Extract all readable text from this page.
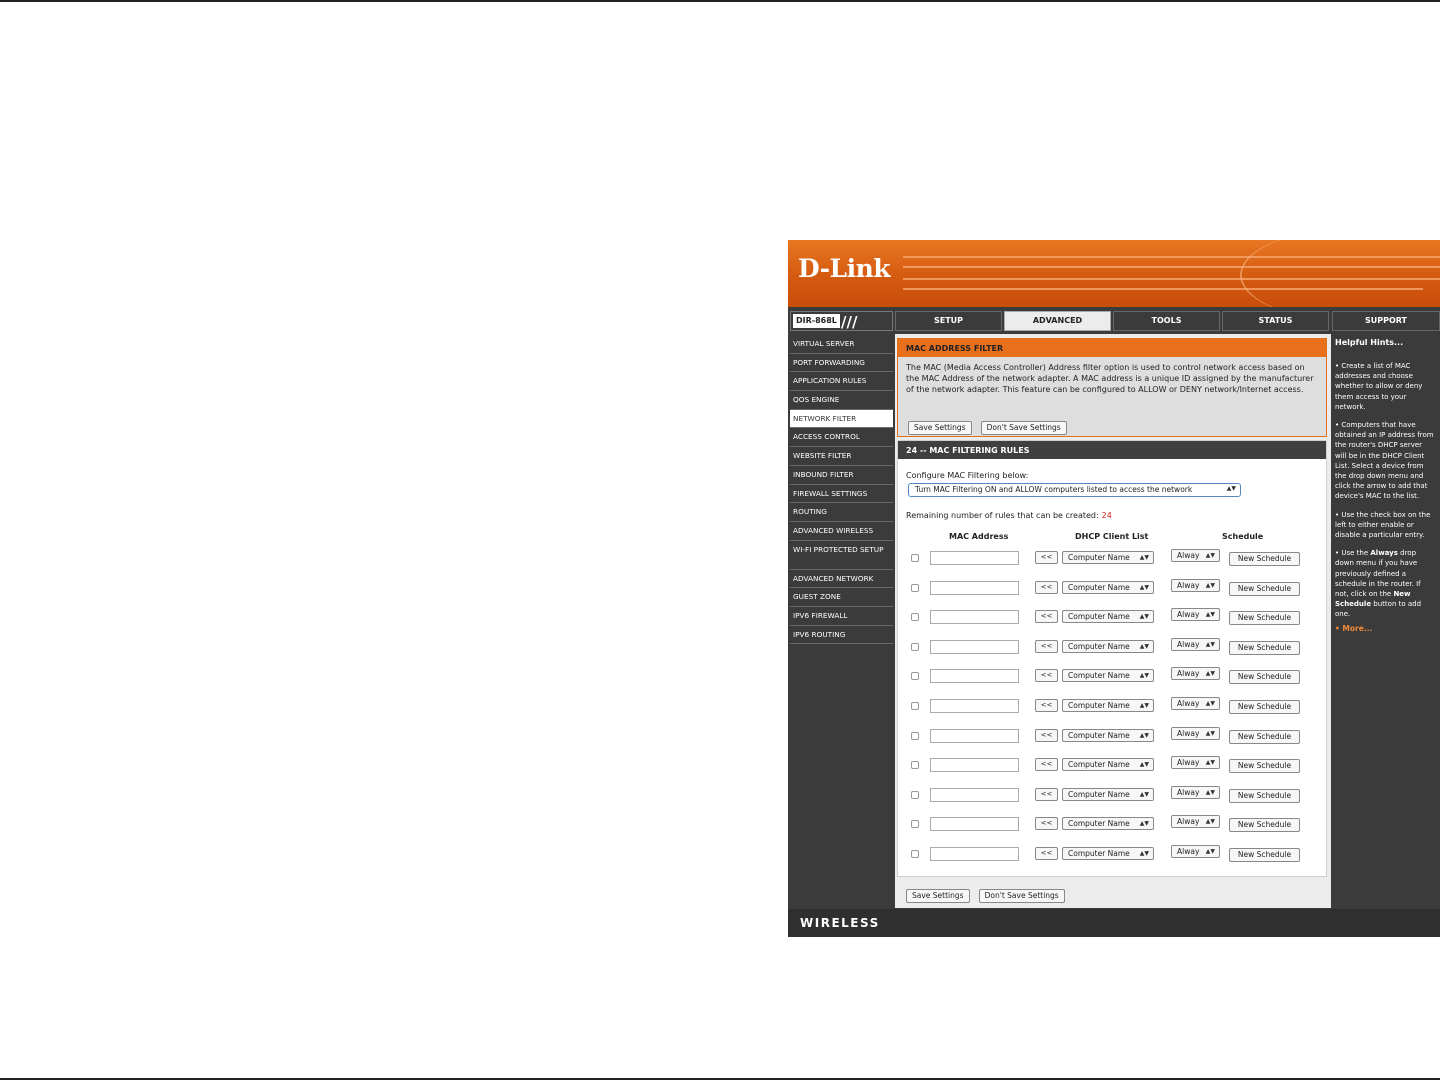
D-Link
DIR-868L ///	SETUP	ADVANCED	TOOLS	STATUS	SUPPORT
VIRTUAL SERVER
PORT FORWARDING
APPLICATION RULES
QOS ENGINE
NETWORK FILTER
ACCESS CONTROL
WEBSITE FILTER
INBOUND FILTER
FIREWALL SETTINGS
ROUTING
ADVANCED WIRELESS
WI-FI PROTECTED SETUP
ADVANCED NETWORK
GUEST ZONE
IPV6 FIREWALL
IPV6 ROUTING
MAC ADDRESS FILTER
The MAC (Media Access Controller) Address filter option is used to control network access based on the MAC Address of the network adapter. A MAC address is a unique ID assigned by the manufacturer of the network adapter. This feature can be configured to ALLOW or DENY network/Internet access.
Save Settings	Don't Save Settings
24 -- MAC FILTERING RULES
Configure MAC Filtering below:
Turn MAC Filtering ON and ALLOW computers listed to access the network	▲▼
Remaining number of rules that can be created: 24
MAC Address	DHCP Client List	Schedule
<<	Computer Name ▲▼	Alway ▲▼	New Schedule
<<	Computer Name ▲▼	Alway ▲▼	New Schedule
<<	Computer Name ▲▼	Alway ▲▼	New Schedule
<<	Computer Name ▲▼	Alway ▲▼	New Schedule
<<	Computer Name ▲▼	Alway ▲▼	New Schedule
<<	Computer Name ▲▼	Alway ▲▼	New Schedule
<<	Computer Name ▲▼	Alway ▲▼	New Schedule
<<	Computer Name ▲▼	Alway ▲▼	New Schedule
<<	Computer Name ▲▼	Alway ▲▼	New Schedule
<<	Computer Name ▲▼	Alway ▲▼	New Schedule
<<	Computer Name ▲▼	Alway ▲▼	New Schedule
Save Settings	Don't Save Settings
Helpful Hints...
• Create a list of MAC addresses and choose whether to allow or deny them access to your network.
• Computers that have obtained an IP address from the router's DHCP server will be in the DHCP Client List. Select a device from the drop down menu and click the arrow to add that device's MAC to the list.
• Use the check box on the left to either enable or disable a particular entry.
• Use the Always drop down menu if you have previously defined a schedule in the router. If not, click on the New Schedule button to add one.
• More...
WIRELESS
